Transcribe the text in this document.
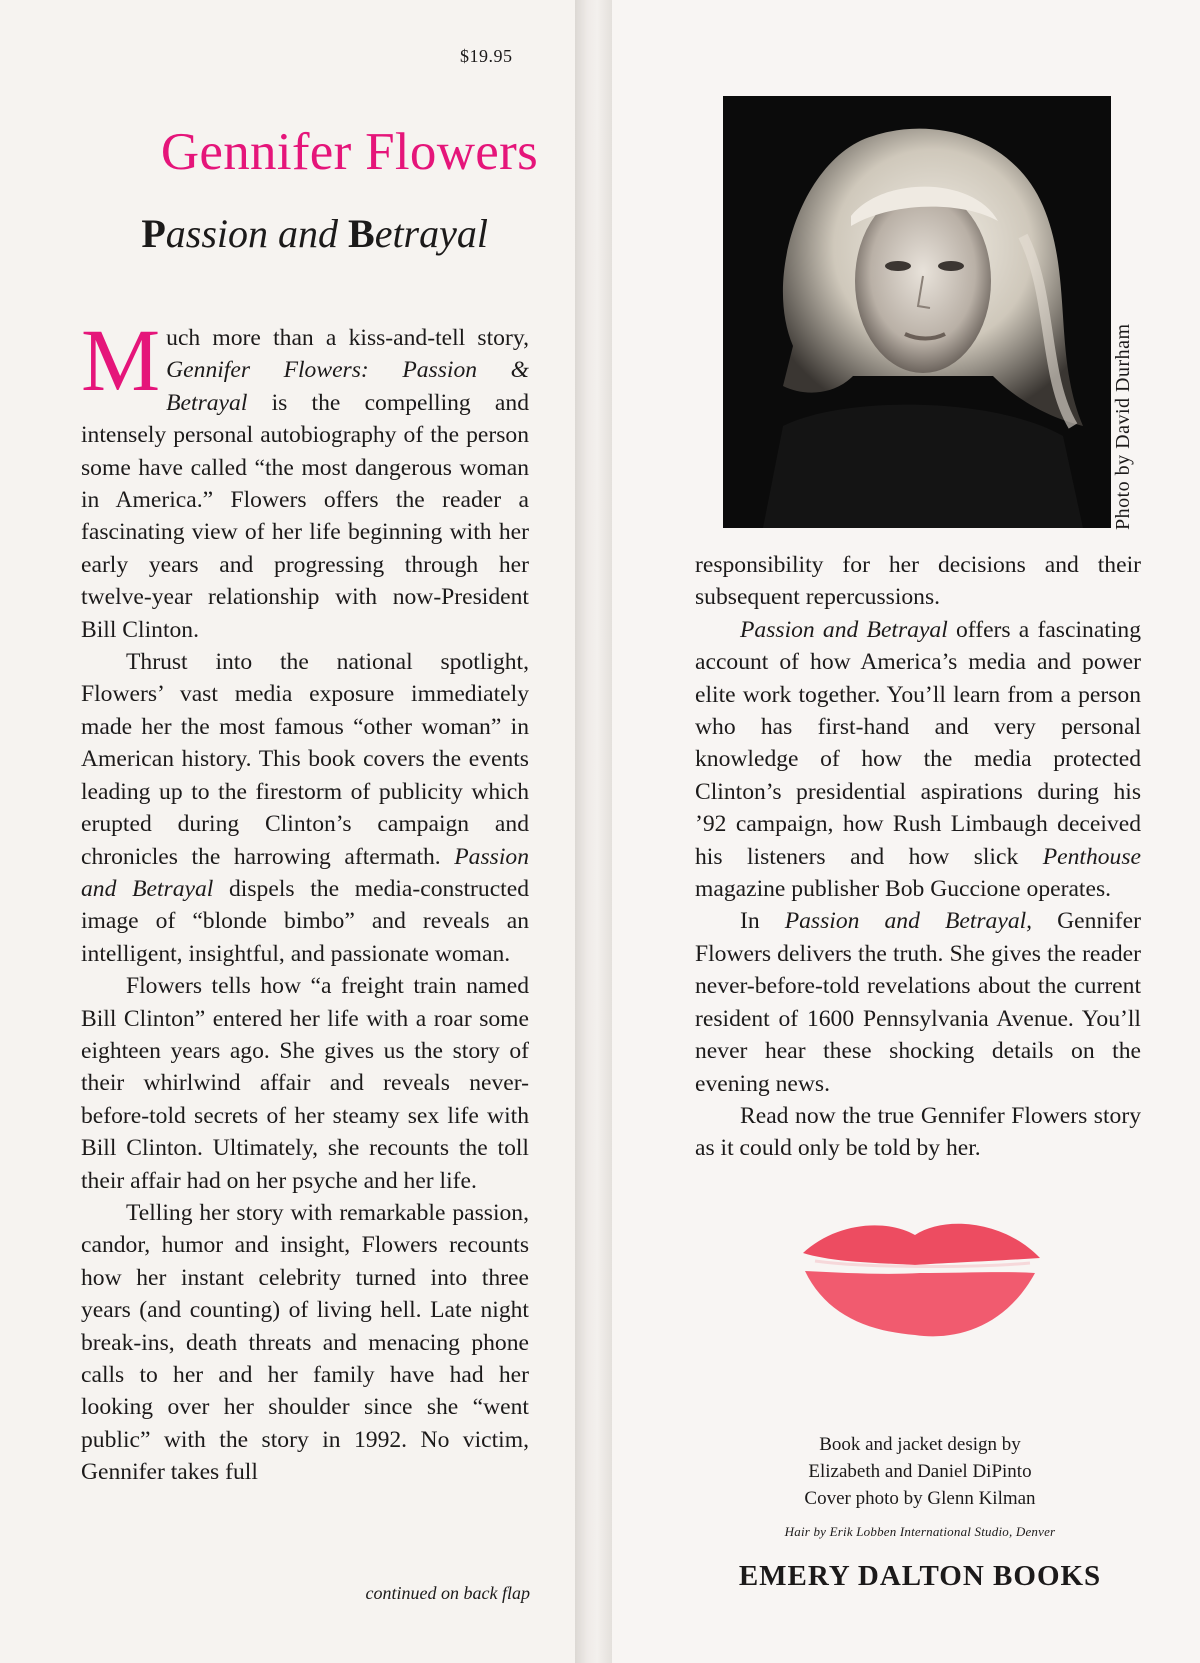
$19.95
Gennifer Flowers
Passion and Betrayal

Much more than a kiss-and-tell story, Gennifer Flowers: Passion & Betrayal is the compelling and intensely personal autobiography of the person some have called “the most dangerous woman in America.” Flowers offers the reader a fascinating view of her life beginning with her early years and progressing through her twelve-year relationship with now-President Bill Clinton.

Thrust into the national spotlight, Flowers’ vast media exposure immediately made her the most famous “other woman” in American history. This book covers the events leading up to the firestorm of publicity which erupted during Clinton’s campaign and chronicles the harrowing aftermath. Passion and Betrayal dispels the media-constructed image of “blonde bimbo” and reveals an intelligent, insightful, and passionate woman.

Flowers tells how “a freight train named Bill Clinton” entered her life with a roar some eighteen years ago. She gives us the story of their whirlwind affair and reveals never-before-told secrets of her steamy sex life with Bill Clinton. Ultimately, she recounts the toll their affair had on her psyche and her life.

Telling her story with remarkable passion, candor, humor and insight, Flowers recounts how her instant celebrity turned into three years (and counting) of living hell. Late night break-ins, death threats and menacing phone calls to her and her family have had her looking over her shoulder since she “went public” with the story in 1992. No victim, Gennifer takes full

continued on back flap
Photo by David Durham

responsibility for her decisions and their subsequent repercussions.

Passion and Betrayal offers a fascinating account of how America’s media and power elite work together. You’ll learn from a person who has first-hand and very personal knowledge of how the media protected Clinton’s presidential aspirations during his ’92 campaign, how Rush Limbaugh deceived his listeners and how slick Penthouse magazine publisher Bob Guccione operates.

In Passion and Betrayal, Gennifer Flowers delivers the truth. She gives the reader never-before-told revelations about the current resident of 1600 Pennsylvania Avenue. You’ll never hear these shocking details on the evening news.

Read now the true Gennifer Flowers story as it could only be told by her.

Book and jacket design by
Elizabeth and Daniel DiPinto
Cover photo by Glenn Kilman
Hair by Erik Lobben International Studio, Denver
EMERY DALTON BOOKS
